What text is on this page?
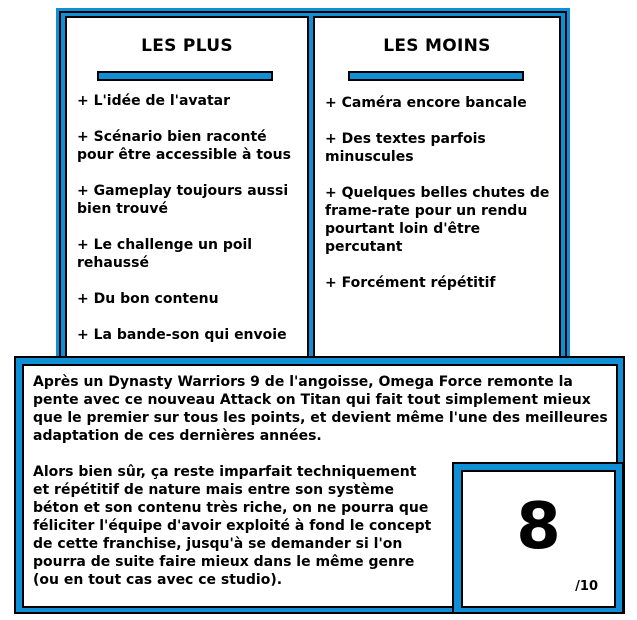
LES PLUS
+ L'idée de l'avatar
+ Scénario bien raconté pour être accessible à tous
+ Gameplay toujours aussi bien trouvé
+ Le challenge un poil rehaussé
+ Du bon contenu
+ La bande-son qui envoie
LES MOINS
+ Caméra encore bancale
+ Des textes parfois minuscules
+ Quelques belles chutes de frame-rate pour un rendu pourtant loin d'être percutant
+ Forcément répétitif

Après un Dynasty Warriors 9 de l'angoisse, Omega Force remonte la pente avec ce nouveau Attack on Titan qui fait tout simplement mieux que le premier sur tous les points, et devient même l'une des meilleures adaptation de ces dernières années.

Alors bien sûr, ça reste imparfait techniquement et répétitif de nature mais entre son système béton et son contenu très riche, on ne pourra que féliciter l'équipe d'avoir exploité à fond le concept de cette franchise, jusqu'à se demander si l'on pourra de suite faire mieux dans le même genre (ou en tout cas avec ce studio).

8
/10
